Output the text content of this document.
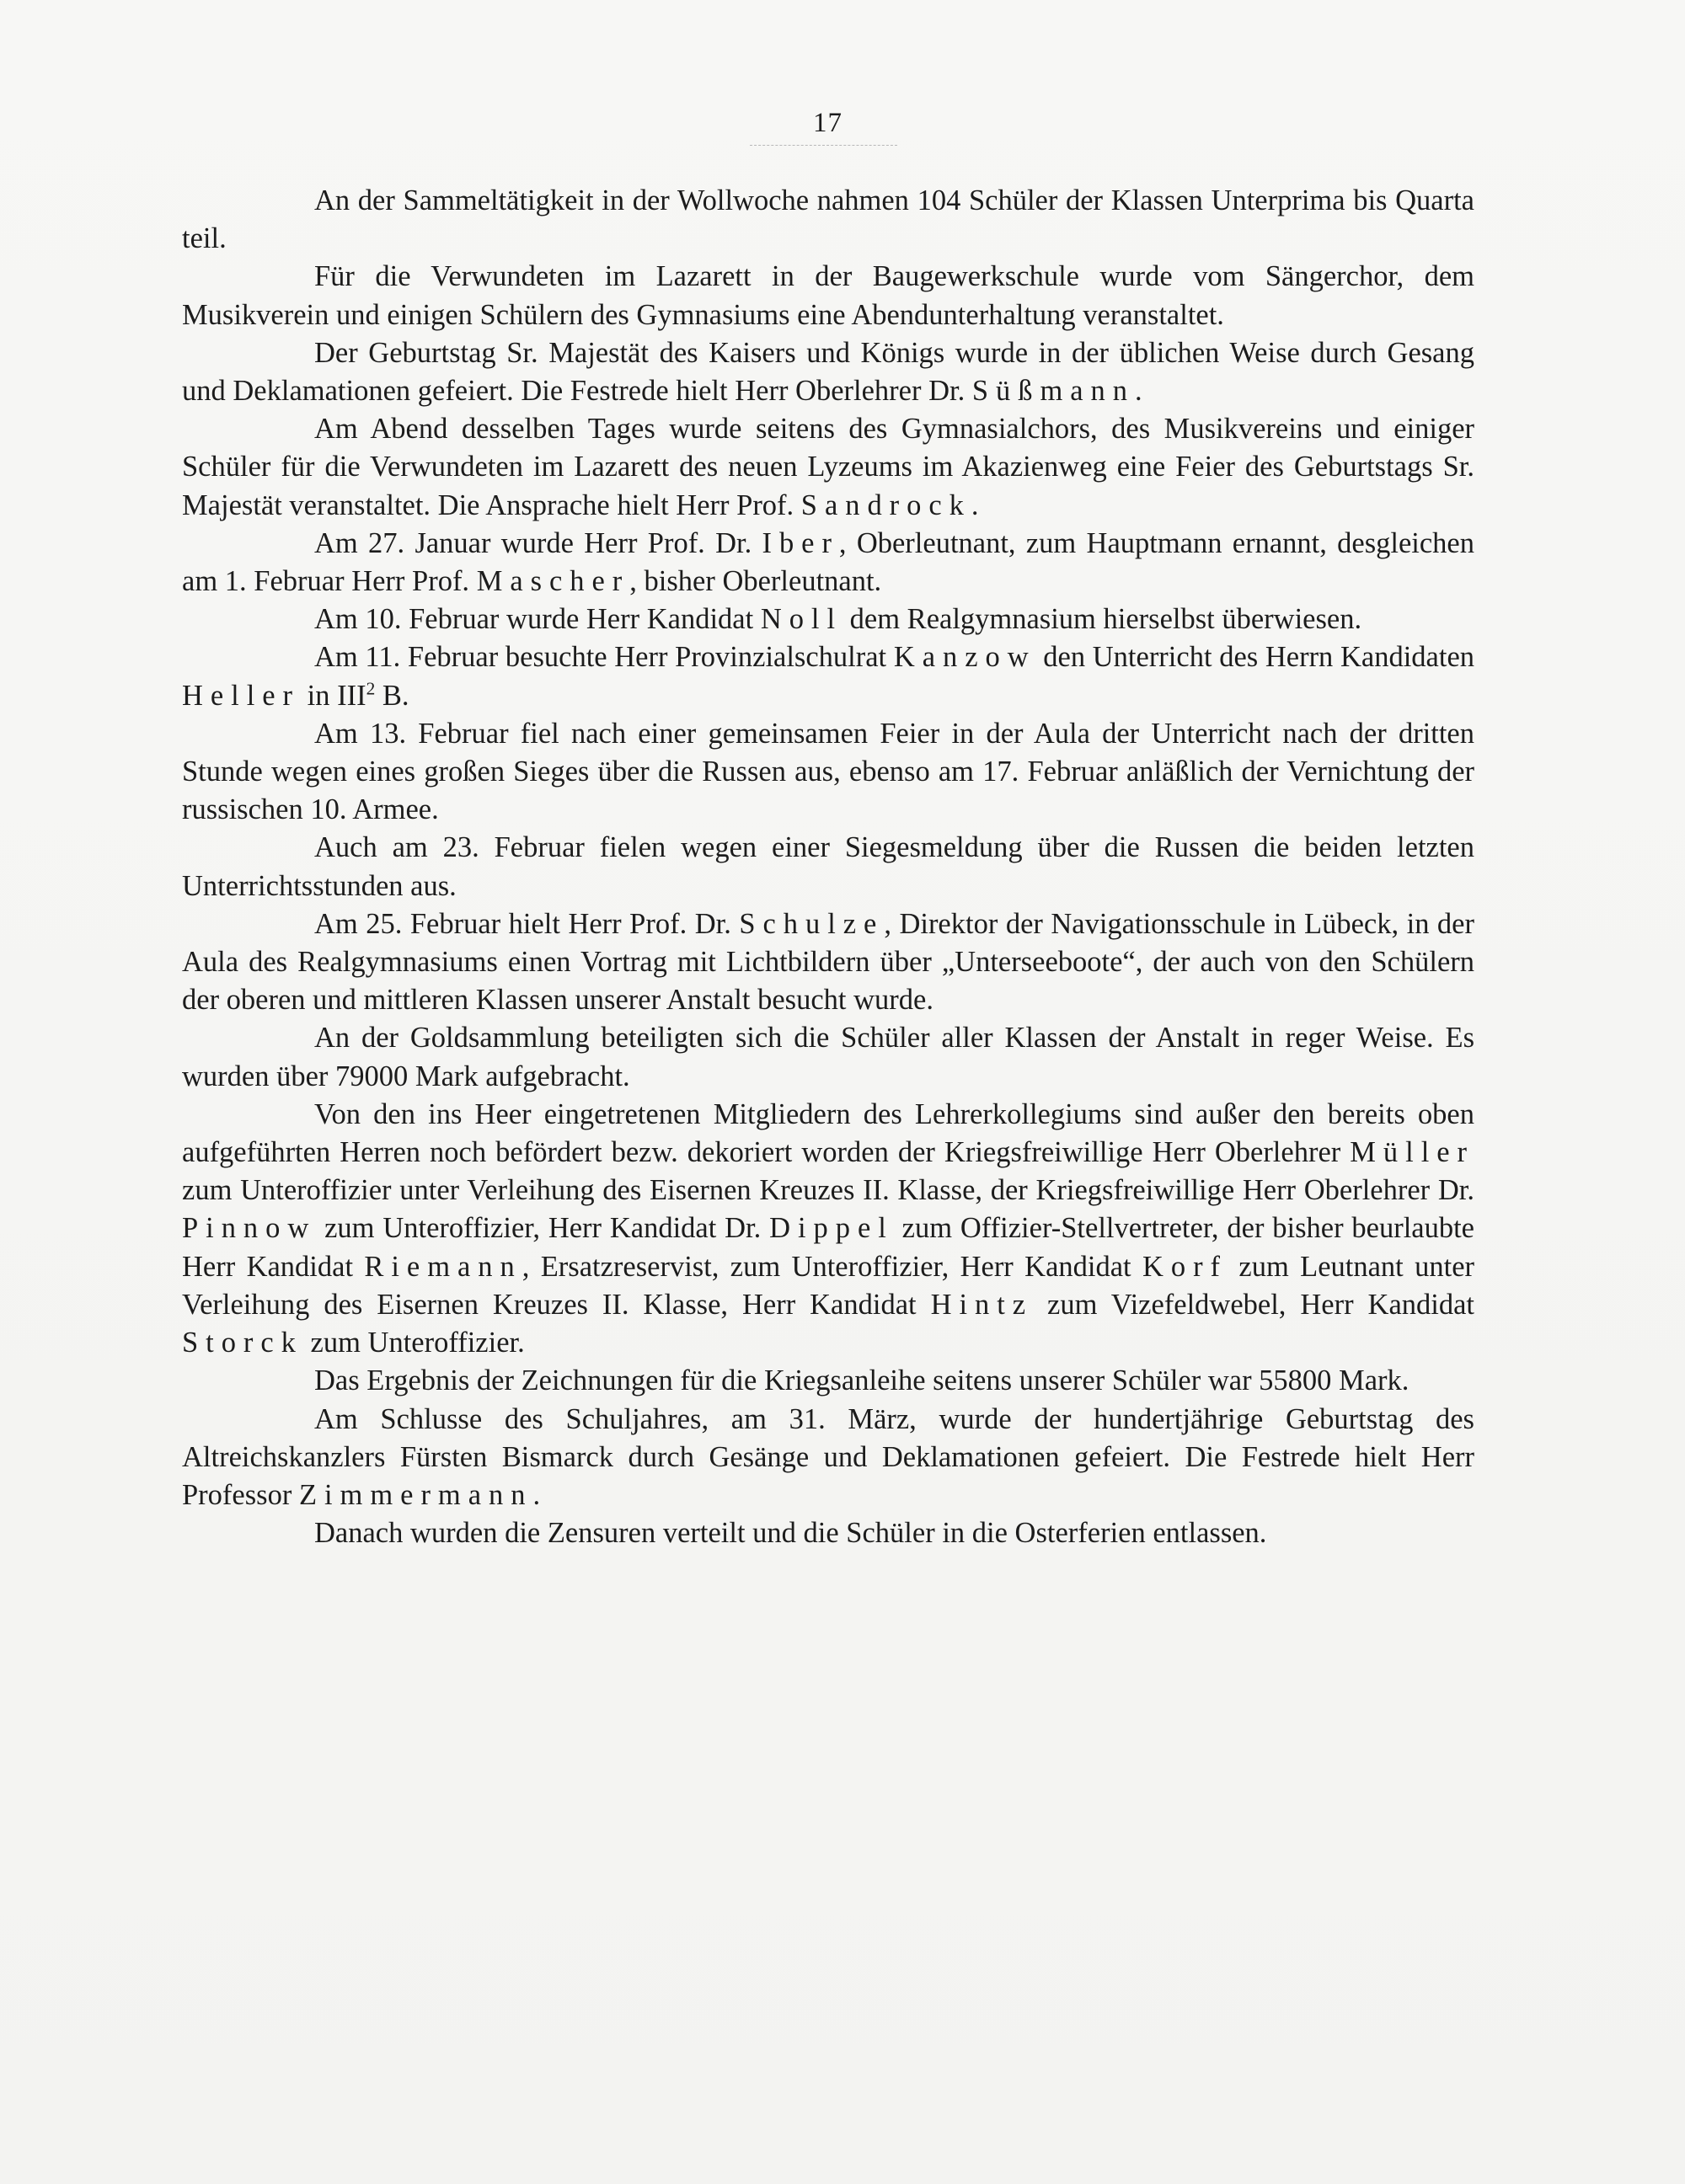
17

An der Sammeltätigkeit in der Wollwoche nahmen 104 Schüler der Klassen Unterprima bis Quarta teil.

Für die Verwundeten im Lazarett in der Baugewerkschule wurde vom Sängerchor, dem Musikverein und einigen Schülern des Gymnasiums eine Abendunterhaltung veranstaltet.

Der Geburtstag Sr. Majestät des Kaisers und Königs wurde in der üblichen Weise durch Gesang und Deklamationen gefeiert. Die Festrede hielt Herr Oberlehrer Dr. Süßmann.

Am Abend desselben Tages wurde seitens des Gymnasialchors, des Musikvereins und einiger Schüler für die Verwundeten im Lazarett des neuen Lyzeums im Akazienweg eine Feier des Geburtstags Sr. Majestät veranstaltet. Die Ansprache hielt Herr Prof. Sandrock.

Am 27. Januar wurde Herr Prof. Dr. Iber, Oberleutnant, zum Hauptmann ernannt, desgleichen am 1. Februar Herr Prof. Mascher, bisher Oberleutnant.

Am 10. Februar wurde Herr Kandidat Noll dem Realgymnasium hierselbst überwiesen.

Am 11. Februar besuchte Herr Provinzialschulrat Kanzow den Unterricht des Herrn Kandidaten Heller in III$^2$ B.

Am 13. Februar fiel nach einer gemeinsamen Feier in der Aula der Unterricht nach der dritten Stunde wegen eines großen Sieges über die Russen aus, ebenso am 17. Februar anläßlich der Vernichtung der russischen 10. Armee.

Auch am 23. Februar fielen wegen einer Siegesmeldung über die Russen die beiden letzten Unterrichtsstunden aus.

Am 25. Februar hielt Herr Prof. Dr. Schulze, Direktor der Navigationsschule in Lübeck, in der Aula des Realgymnasiums einen Vortrag mit Lichtbildern über „Unterseeboote“, der auch von den Schülern der oberen und mittleren Klassen unserer Anstalt besucht wurde.

An der Goldsammlung beteiligten sich die Schüler aller Klassen der Anstalt in reger Weise. Es wurden über 79000 Mark aufgebracht.

Von den ins Heer eingetretenen Mitgliedern des Lehrerkollegiums sind außer den bereits oben aufgeführten Herren noch befördert bezw. dekoriert worden der Kriegsfreiwillige Herr Oberlehrer Müller zum Unteroffizier unter Verleihung des Eisernen Kreuzes II. Klasse, der Kriegsfreiwillige Herr Oberlehrer Dr. Pinnow zum Unteroffizier, Herr Kandidat Dr. Dippel zum Offizier-Stellvertreter, der bisher beurlaubte Herr Kandidat Riemann, Ersatzreservist, zum Unteroffizier, Herr Kandidat Korf zum Leutnant unter Verleihung des Eisernen Kreuzes II. Klasse, Herr Kandidat Hintz zum Vizefeldwebel, Herr Kandidat Storck zum Unteroffizier.

Das Ergebnis der Zeichnungen für die Kriegsanleihe seitens unserer Schüler war 55800 Mark.

Am Schlusse des Schuljahres, am 31. März, wurde der hundertjährige Geburtstag des Altreichskanzlers Fürsten Bismarck durch Gesänge und Deklamationen gefeiert. Die Festrede hielt Herr Professor Zimmermann.

Danach wurden die Zensuren verteilt und die Schüler in die Osterferien entlassen.
